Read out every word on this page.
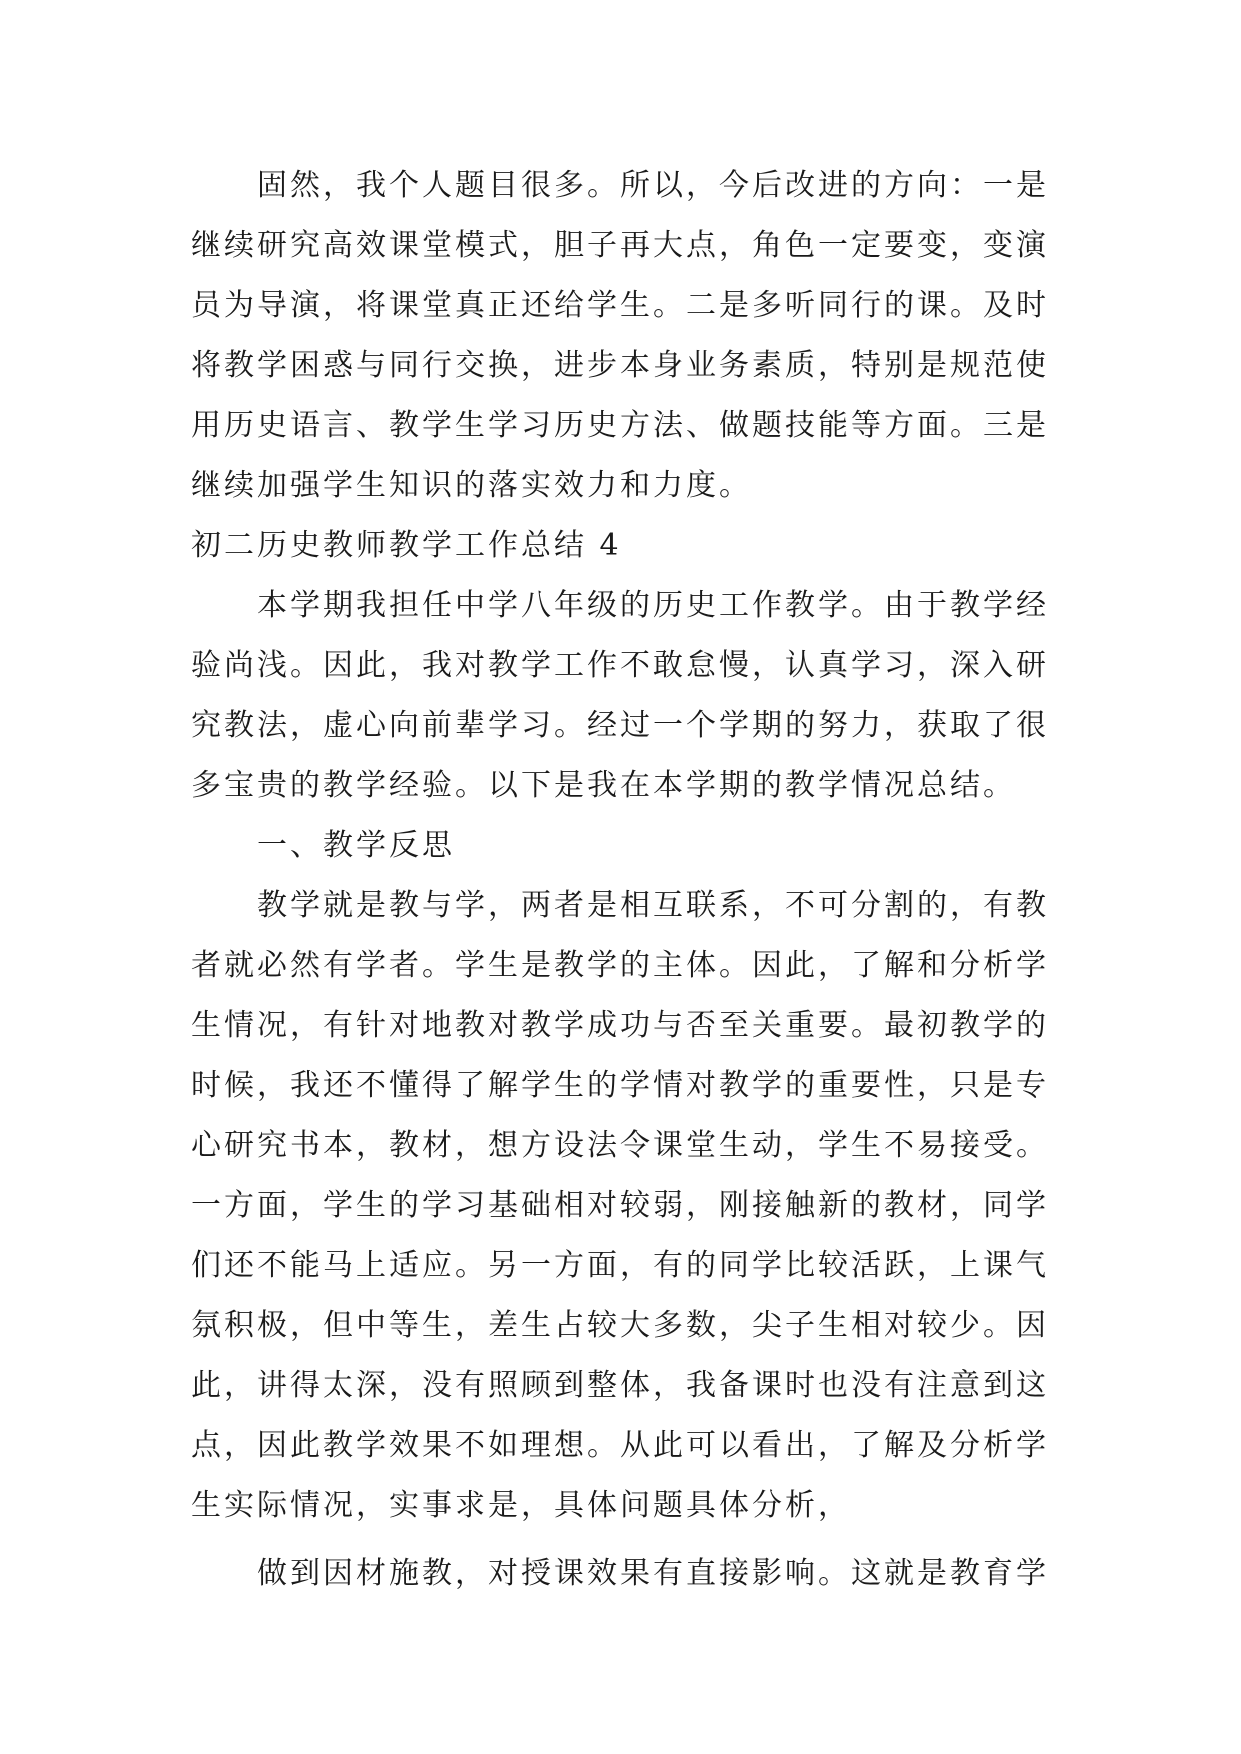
固然，我个人题目很多。所以，今后改进的方向：一是
继续研究高效课堂模式，胆子再大点，角色一定要变，变演
员为导演，将课堂真正还给学生。二是多听同行的课。及时
将教学困惑与同行交换，进步本身业务素质，特别是规范使
用历史语言、教学生学习历史方法、做题技能等方面。三是
继续加强学生知识的落实效力和力度。
初二历史教师教学工作总结 4
本学期我担任中学八年级的历史工作教学。由于教学经
验尚浅。因此，我对教学工作不敢怠慢，认真学习，深入研
究教法，虚心向前辈学习。经过一个学期的努力，获取了很
多宝贵的教学经验。以下是我在本学期的教学情况总结。
一、教学反思
教学就是教与学，两者是相互联系，不可分割的，有教
者就必然有学者。学生是教学的主体。因此，了解和分析学
生情况，有针对地教对教学成功与否至关重要。最初教学的
时候，我还不懂得了解学生的学情对教学的重要性，只是专
心研究书本，教材，想方设法令课堂生动，学生不易接受。
一方面，学生的学习基础相对较弱，刚接触新的教材，同学
们还不能马上适应。另一方面，有的同学比较活跃，上课气
氛积极，但中等生，差生占较大多数，尖子生相对较少。因
此，讲得太深，没有照顾到整体，我备课时也没有注意到这
点，因此教学效果不如理想。从此可以看出，了解及分析学
生实际情况，实事求是，具体问题具体分析，
做到因材施教，对授课效果有直接影响。这就是教育学
